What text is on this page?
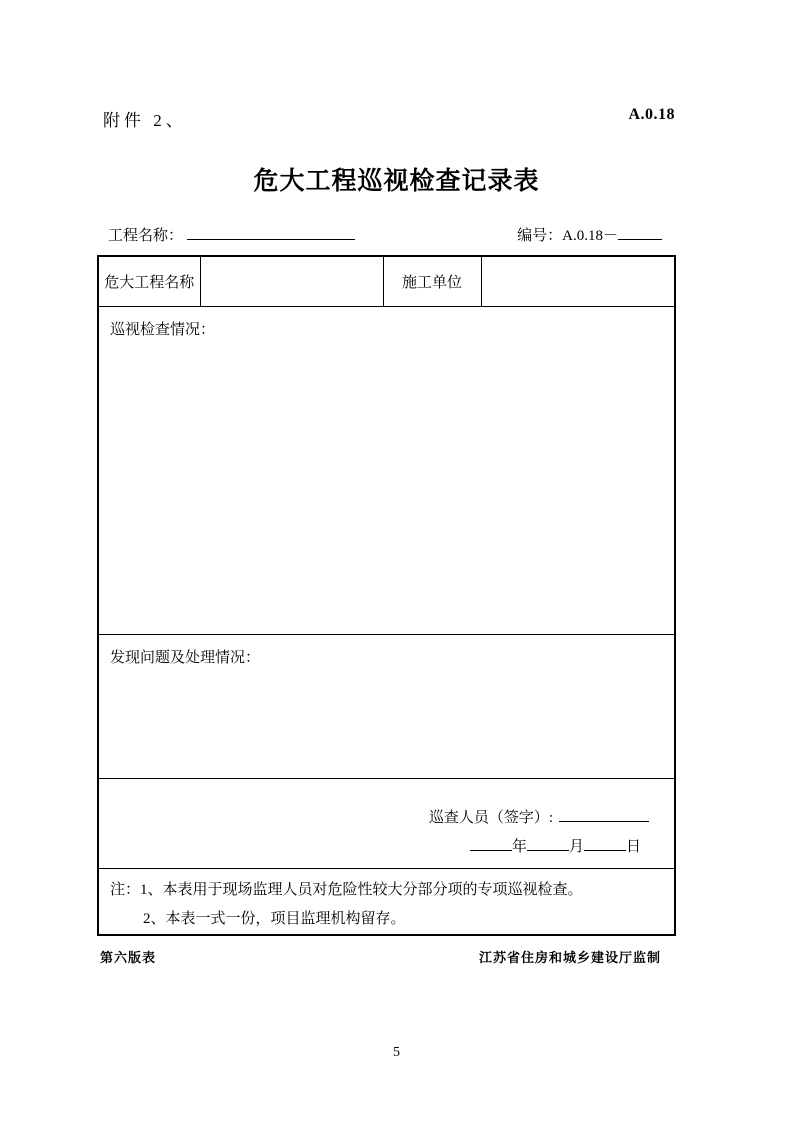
附件 2、	A.0.18
危大工程巡视检查记录表
工程名称：	编号：A.0.18－
危大工程名称		施工单位	
巡视检查情况：
发现问题及处理情况：

巡查人员（签字）:
年	月	日

注：1、本表用于现场监理人员对危险性较大分部分项的专项巡视检查。
2、本表一式一份，项目监理机构留存。
第六版表	江苏省住房和城乡建设厅监制
5
